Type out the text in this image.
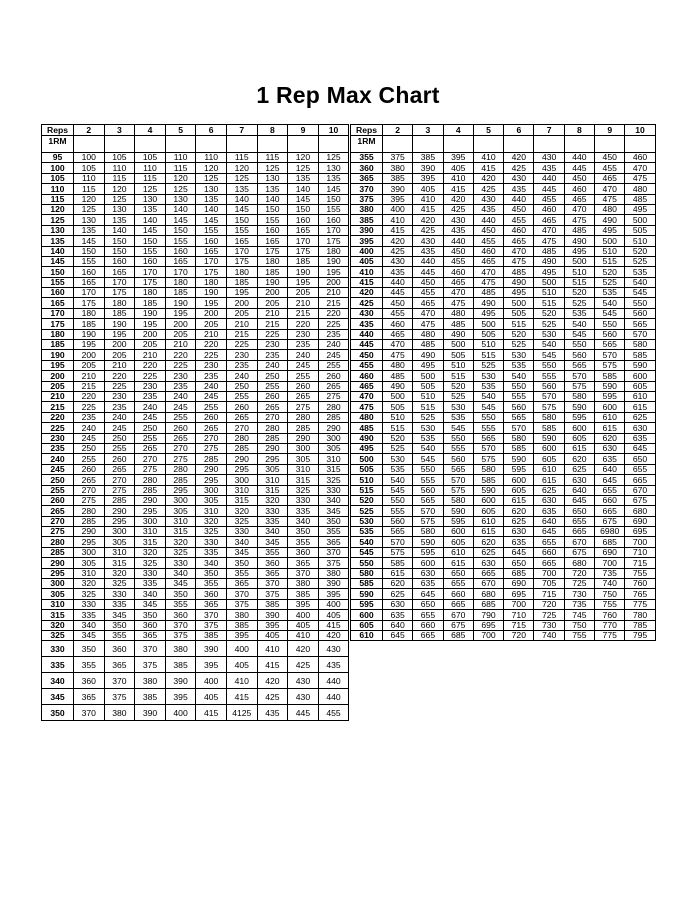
1 Rep Max Chart
Reps	2	3	4	5	6	7	8	9	10
1RM									
95	100	105	105	110	110	115	115	120	125
100	105	110	110	115	120	120	125	125	130
105	110	115	115	120	125	125	130	135	135
110	115	120	125	125	130	135	135	140	145
115	120	125	130	130	135	140	140	145	150
120	125	130	135	140	140	145	150	150	155
125	130	135	140	145	145	150	155	160	160
130	135	140	145	150	155	155	160	165	170
135	145	150	150	155	160	165	165	170	175
140	150	150	155	160	165	170	175	175	180
145	155	160	160	165	170	175	180	185	190
150	160	165	170	170	175	180	185	190	195
155	165	170	175	180	180	185	190	195	200
160	170	175	180	185	190	195	200	205	210
165	175	180	185	190	195	200	205	210	215
170	180	185	190	195	200	205	210	215	220
175	185	190	195	200	205	210	215	220	225
180	190	195	200	205	210	215	225	230	235
185	195	200	205	210	220	225	230	235	240
190	200	205	210	220	225	230	235	240	245
195	205	210	220	225	230	235	240	245	255
200	210	220	225	230	235	240	250	255	260
205	215	225	230	235	240	250	255	260	265
210	220	230	235	240	245	255	260	265	275
215	225	235	240	245	255	260	265	275	280
220	235	240	245	255	260	265	270	280	285
225	240	245	250	260	265	270	280	285	290
230	245	250	255	265	270	280	285	290	300
235	250	255	265	270	275	285	290	300	305
240	255	260	270	275	285	290	295	305	310
245	260	265	275	280	290	295	305	310	315
250	265	270	280	285	295	300	310	315	325
255	270	275	285	295	300	310	315	325	330
260	275	285	290	300	305	315	320	330	340
265	280	290	295	305	310	320	330	335	345
270	285	295	300	310	320	325	335	340	350
275	290	300	310	315	325	330	340	350	355
280	295	305	315	320	330	340	345	355	365
285	300	310	320	325	335	345	355	360	370
290	305	315	325	330	340	350	360	365	375
295	310	320	330	340	350	355	365	370	380
300	320	325	335	345	355	365	370	380	390
305	325	330	340	350	360	370	375	385	395
310	330	335	345	355	365	375	385	395	400
315	335	345	350	360	370	380	390	400	405
320	340	350	360	370	375	385	395	405	415
325	345	355	365	375	385	395	405	410	420
330	350	360	370	380	390	400	410	420	430
335	355	365	375	385	395	405	415	425	435
340	360	370	380	390	400	410	420	430	440
345	365	375	385	395	405	415	425	430	440
350	370	380	390	400	415	4125	435	445	455
Reps	2	3	4	5	6	7	8	9	10
1RM									
355	375	385	395	410	420	430	440	450	460
360	380	390	405	415	425	435	445	455	470
365	385	395	410	420	430	440	450	465	475
370	390	405	415	425	435	445	460	470	480
375	395	410	420	430	440	455	465	475	485
380	400	415	425	435	450	460	470	480	495
385	410	420	430	440	455	465	475	490	500
390	415	425	435	450	460	470	485	495	505
395	420	430	440	455	465	475	490	500	510
400	425	435	450	460	470	485	495	510	520
405	430	440	455	465	475	490	500	515	525
410	435	445	460	470	485	495	510	520	535
415	440	450	465	475	490	500	515	525	540
420	445	455	470	485	495	510	520	535	545
425	450	465	475	490	500	515	525	540	550
430	455	470	480	495	505	520	535	545	560
435	460	475	485	500	515	525	540	550	565
440	465	480	490	505	520	530	545	560	570
445	470	485	500	510	525	540	550	565	580
450	475	490	505	515	530	545	560	570	585
455	480	495	510	525	535	550	565	575	590
460	485	500	515	530	540	555	570	585	600
465	490	505	520	535	550	560	575	590	605
470	500	510	525	540	555	570	580	595	610
475	505	515	530	545	560	575	590	600	615
480	510	525	535	550	565	580	595	610	625
485	515	530	545	555	570	585	600	615	630
490	520	535	550	565	580	590	605	620	635
495	525	540	555	570	585	600	615	630	645
500	530	545	560	575	590	605	620	635	650
505	535	550	565	580	595	610	625	640	655
510	540	555	570	585	600	615	630	645	665
515	545	560	575	590	605	625	640	655	670
520	550	565	580	600	615	630	645	660	675
525	555	570	590	605	620	635	650	665	680
530	560	575	595	610	625	640	655	675	690
535	565	580	600	615	630	645	665	6980	695
540	570	590	605	620	635	655	670	685	700
545	575	595	610	625	645	660	675	690	710
550	585	600	615	630	650	665	680	700	715
580	615	630	650	665	685	700	720	735	755
585	620	635	655	670	690	705	725	740	760
590	625	645	660	680	695	715	730	750	765
595	630	650	665	685	700	720	735	755	775
600	635	655	670	790	710	725	745	760	780
605	640	660	675	695	715	730	750	770	785
610	645	665	685	700	720	740	755	775	795
